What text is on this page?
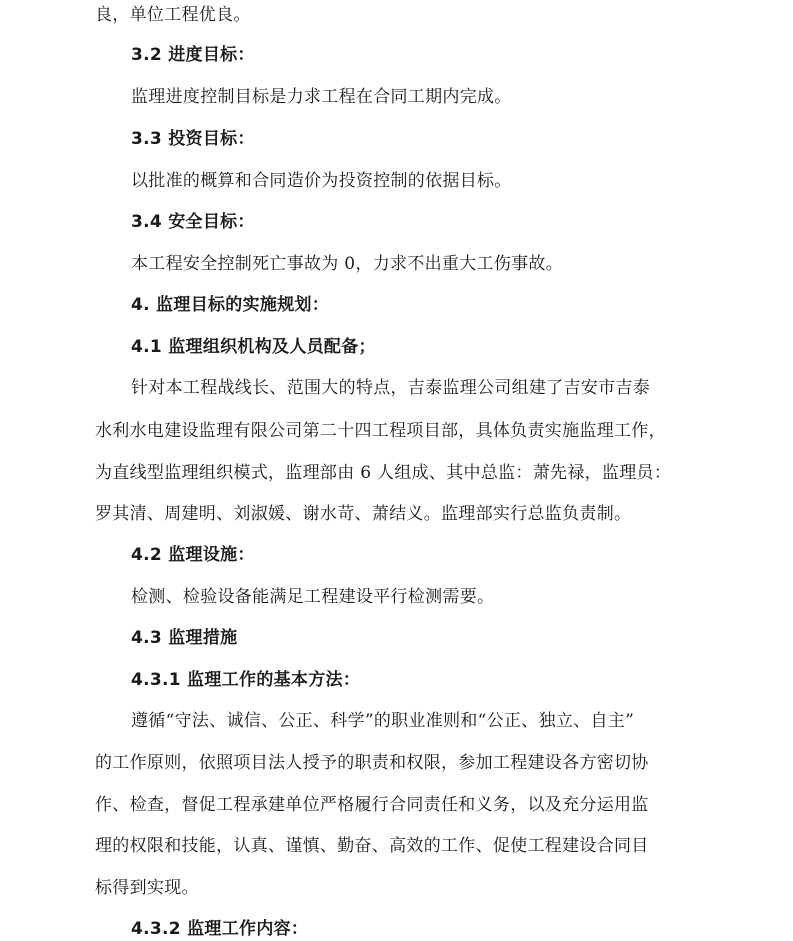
良，单位工程优良。
3.2 进度目标：
监理进度控制目标是力求工程在合同工期内完成。
3.3 投资目标：
以批准的概算和合同造价为投资控制的依据目标。
3.4 安全目标：
本工程安全控制死亡事故为 0，力求不出重大工伤事故。
4. 监理目标的实施规划：
4.1 监理组织机构及人员配备；
针对本工程战线长、范围大的特点，吉泰监理公司组建了吉安市吉泰
水利水电建设监理有限公司第二十四工程项目部，具体负责实施监理工作，
为直线型监理组织模式，监理部由 6 人组成、其中总监：萧先禄，监理员：
罗其清、周建明、刘淑媛、谢水苛、萧结义。监理部实行总监负责制。
4.2 监理设施：
检测、检验设备能满足工程建设平行检测需要。
4.3 监理措施
4.3.1 监理工作的基本方法：
遵循“守法、诚信、公正、科学”的职业准则和“公正、独立、自主”
的工作原则，依照项目法人授予的职责和权限，参加工程建设各方密切协
作、检查，督促工程承建单位严格履行合同责任和义务，以及充分运用监
理的权限和技能，认真、谨慎、勤奋、高效的工作、促使工程建设合同目
标得到实现。
4.3.2 监理工作内容：
